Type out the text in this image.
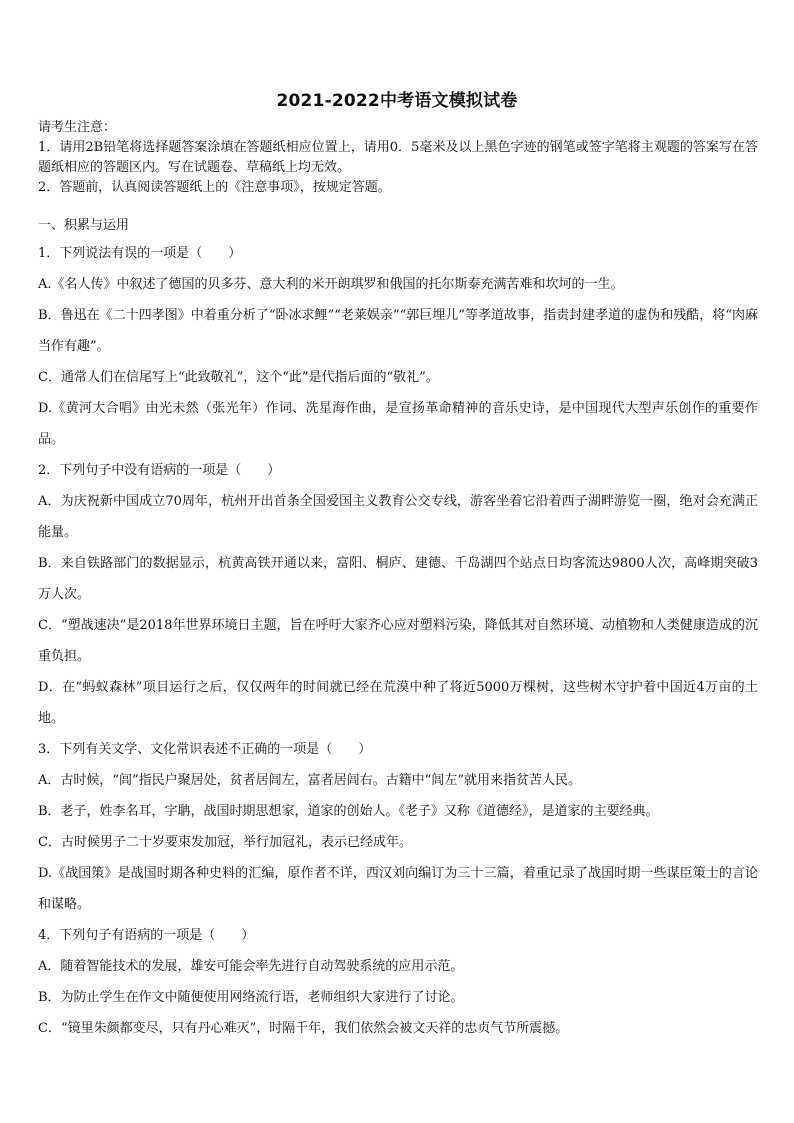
2021-2022中考语文模拟试卷

请考生注意：

1．请用2B铅笔将选择题答案涂填在答题纸相应位置上，请用0．5毫米及以上黑色字迹的钢笔或签字笔将主观题的答案写在答题纸相应的答题区内。写在试题卷、草稿纸上均无效。

2．答题前，认真阅读答题纸上的《注意事项》，按规定答题。

一、积累与运用

1．下列说法有误的一项是（　　）

A.《名人传》中叙述了德国的贝多芬、意大利的米开朗琪罗和俄国的托尔斯泰充满苦难和坎坷的一生。

B．鲁迅在《二十四孝图》中着重分析了“卧冰求鲤”“老莱娱亲”“郭巨埋儿”等孝道故事，指责封建孝道的虚伪和残酷，将“肉麻当作有趣”。

C．通常人们在信尾写上“此致敬礼”，这个“此”是代指后面的“敬礼”。

D.《黄河大合唱》由光未然（张光年）作词、冼星海作曲，是宣扬革命精神的音乐史诗，是中国现代大型声乐创作的重要作品。

2．下列句子中没有语病的一项是（　　）

A．为庆祝新中国成立70周年，杭州开出首条全国爱国主义教育公交专线，游客坐着它沿着西子湖畔游览一圈，绝对会充满正能量。

B．来自铁路部门的数据显示，杭黄高铁开通以来，富阳、桐庐、建德、千岛湖四个站点日均客流达9800人次，高峰期突破3万人次。

C．“塑战速决”是2018年世界环境日主题，旨在呼吁大家齐心应对塑料污染，降低其对自然环境、动植物和人类健康造成的沉重负担。

D．在“蚂蚁森林”项目运行之后，仅仅两年的时间就已经在荒漠中种了将近5000万棵树，这些树木守护着中国近4万亩的土地。

3．下列有关文学、文化常识表述不正确的一项是（　　）

A．古时候，“闾”指民户聚居处，贫者居闾左，富者居闾右。古籍中“闾左”就用来指贫苦人民。

B．老子，姓李名耳，字聃，战国时期思想家，道家的创始人。《老子》又称《道德经》，是道家的主要经典。

C．古时候男子二十岁要束发加冠，举行加冠礼，表示已经成年。

D.《战国策》是战国时期各种史料的汇编，原作者不详，西汉刘向编订为三十三篇，着重记录了战国时期一些谋臣策士的言论和谋略。

4．下列句子有语病的一项是（　　）

A．随着智能技术的发展，雄安可能会率先进行自动驾驶系统的应用示范。

B．为防止学生在作文中随便使用网络流行语，老师组织大家进行了讨论。

C．“镜里朱颜都变尽，只有丹心难灭”，时隔千年，我们依然会被文天祥的忠贞气节所震撼。
